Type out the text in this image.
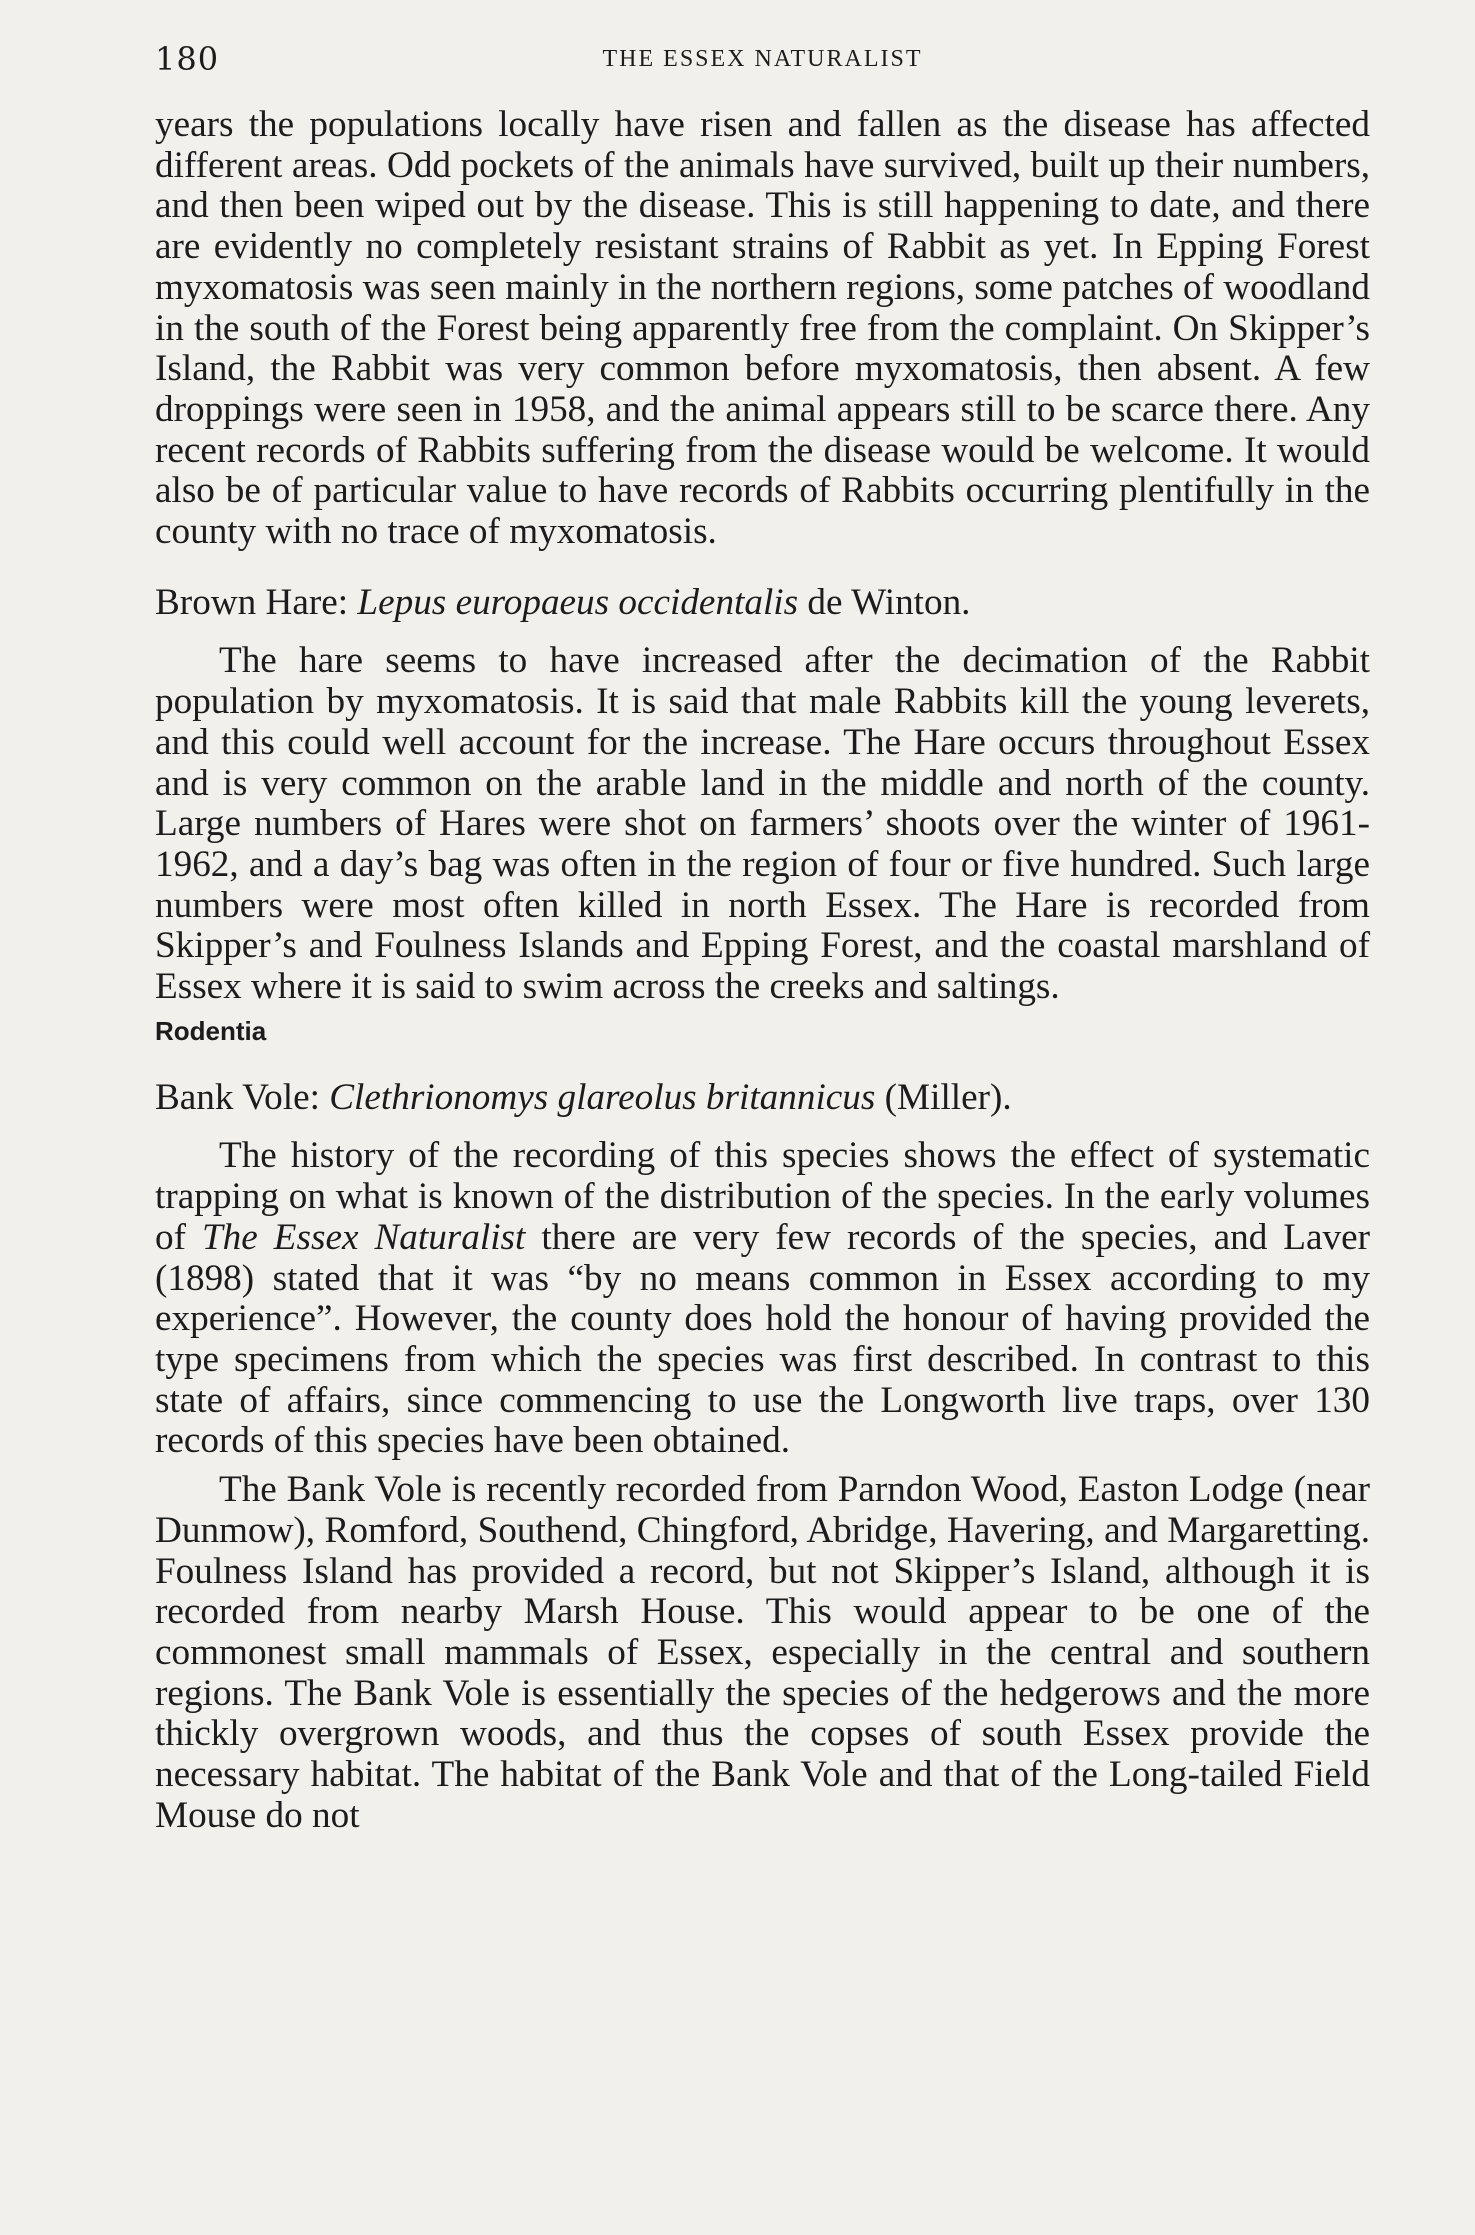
180	THE ESSEX NATURALIST

years the populations locally have risen and fallen as the disease has affected different areas. Odd pockets of the animals have survived, built up their numbers, and then been wiped out by the disease. This is still happening to date, and there are evidently no completely resistant strains of Rabbit as yet. In Epping Forest myxomatosis was seen mainly in the northern regions, some patches of woodland in the south of the Forest being apparently free from the complaint. On Skipper’s Island, the Rabbit was very common before myxomatosis, then absent. A few droppings were seen in 1958, and the animal appears still to be scarce there. Any recent records of Rabbits suffering from the disease would be welcome. It would also be of particular value to have records of Rabbits occurring plentifully in the county with no trace of myxomatosis.

Brown Hare: Lepus europaeus occidentalis de Winton.

The hare seems to have increased after the decimation of the Rabbit population by myxomatosis. It is said that male Rabbits kill the young leverets, and this could well account for the increase. The Hare occurs throughout Essex and is very common on the arable land in the middle and north of the county. Large numbers of Hares were shot on farmers’ shoots over the winter of 1961-1962, and a day’s bag was often in the region of four or five hundred. Such large numbers were most often killed in north Essex. The Hare is recorded from Skipper’s and Foulness Islands and Epping Forest, and the coastal marshland of Essex where it is said to swim across the creeks and saltings.

Rodentia

Bank Vole: Clethrionomys glareolus britannicus (Miller).

The history of the recording of this species shows the effect of systematic trapping on what is known of the distribution of the species. In the early volumes of The Essex Naturalist there are very few records of the species, and Laver (1898) stated that it was “by no means common in Essex according to my experience”. However, the county does hold the honour of having provided the type specimens from which the species was first described. In contrast to this state of affairs, since commencing to use the Longworth live traps, over 130 records of this species have been obtained.

The Bank Vole is recently recorded from Parndon Wood, Easton Lodge (near Dunmow), Romford, Southend, Chingford, Abridge, Havering, and Margaretting. Foulness Island has provided a record, but not Skipper’s Island, although it is recorded from nearby Marsh House. This would appear to be one of the commonest small mammals of Essex, especially in the central and southern regions. The Bank Vole is essentially the species of the hedgerows and the more thickly overgrown woods, and thus the copses of south Essex provide the necessary habitat. The habitat of the Bank Vole and that of the Long-tailed Field Mouse do not
